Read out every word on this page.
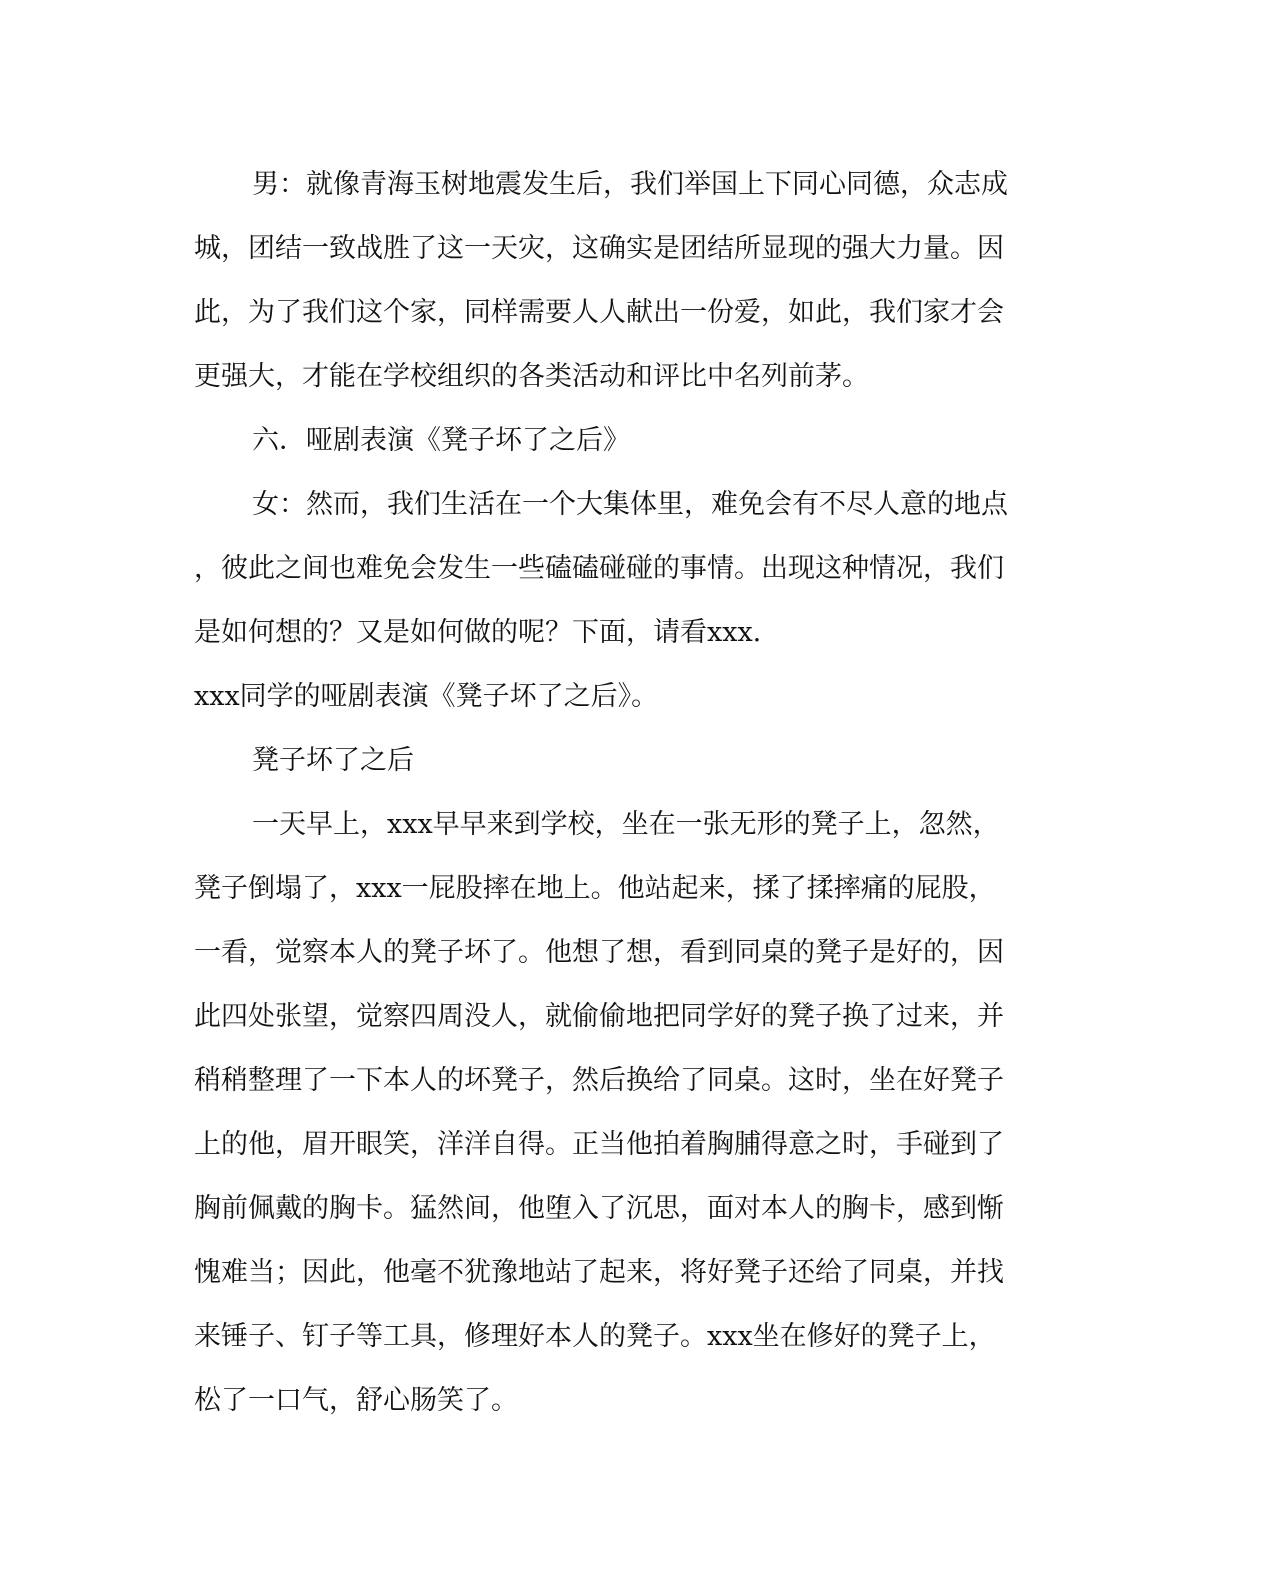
男：就像青海玉树地震发生后，我们举国上下同心同德，众志成
城，团结一致战胜了这一天灾，这确实是团结所显现的强大力量。因
此，为了我们这个家，同样需要人人献出一份爱，如此，我们家才会
更强大，才能在学校组织的各类活动和评比中名列前茅。
六．哑剧表演《凳子坏了之后》
女：然而，我们生活在一个大集体里，难免会有不尽人意的地点
，彼此之间也难免会发生一些磕磕碰碰的事情。出现这种情况，我们
是如何想的？又是如何做的呢？下面，请看xxx.
xxx同学的哑剧表演《凳子坏了之后》。
凳子坏了之后
一天早上，xxx早早来到学校，坐在一张无形的凳子上，忽然，
凳子倒塌了，xxx一屁股摔在地上。他站起来，揉了揉摔痛的屁股，
一看，觉察本人的凳子坏了。他想了想，看到同桌的凳子是好的，因
此四处张望，觉察四周没人，就偷偷地把同学好的凳子换了过来，并
稍稍整理了一下本人的坏凳子，然后换给了同桌。这时，坐在好凳子
上的他，眉开眼笑，洋洋自得。正当他拍着胸脯得意之时，手碰到了
胸前佩戴的胸卡。猛然间，他堕入了沉思，面对本人的胸卡，感到惭
愧难当；因此，他毫不犹豫地站了起来，将好凳子还给了同桌，并找
来锤子、钉子等工具，修理好本人的凳子。xxx坐在修好的凳子上，
松了一口气，舒心肠笑了。
